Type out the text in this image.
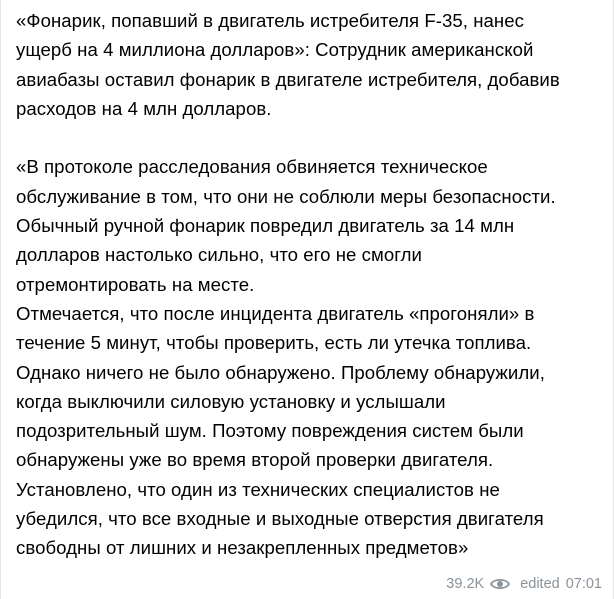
«Фонарик, попавший в двигатель истребителя F-35, нанес
ущерб на 4 миллиона долларов»: Сотрудник американской
авиабазы оставил фонарик в двигателе истребителя, добавив
расходов на 4 млн долларов.

«В протоколе расследования обвиняется техническое
обслуживание в том, что они не соблюли меры безопасности.
Обычный ручной фонарик повредил двигатель за 14 млн
долларов настолько сильно, что его не смогли
отремонтировать на месте.
Отмечается, что после инцидента двигатель «прогоняли» в
течение 5 минут, чтобы проверить, есть ли утечка топлива.
Однако ничего не было обнаружено. Проблему обнаружили,
когда выключили силовую установку и услышали
подозрительный шум. Поэтому повреждения систем были
обнаружены уже во время второй проверки двигателя.
Установлено, что один из технических специалистов не
убедился, что все входные и выходные отверстия двигателя
свободны от лишних и незакрепленных предметов»

39.2K edited 07:01
